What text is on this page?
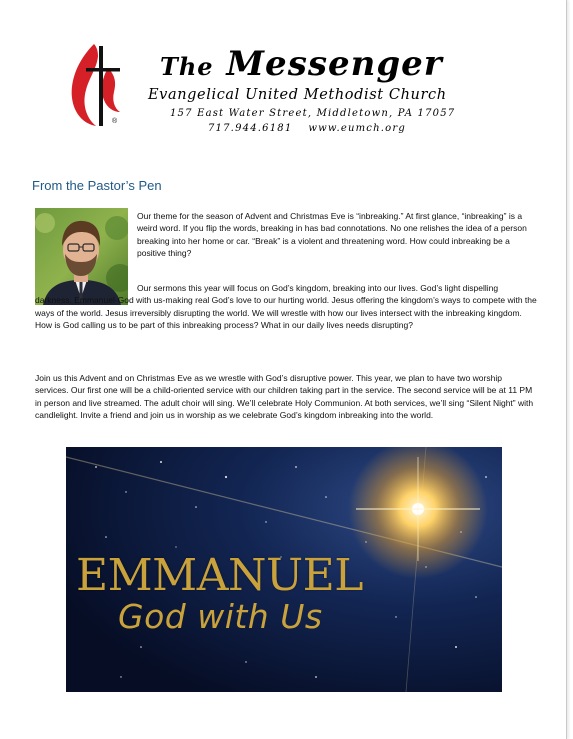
®
The Messenger
Evangelical United Methodist Church
157 East Water Street, Middletown, PA 17057
717.944.6181 www.eumch.org
From the Pastor’s Pen
Our theme for the season of Advent and Christmas Eve is “inbreaking.” At first glance, “inbreaking” is a weird word. If you flip the words, breaking in has bad connotations. No one relishes the idea of a person breaking into her home or car. “Break” is a violent and threatening word. How could inbreaking be a positive thing?
Our sermons this year will focus on God’s kingdom, breaking into our lives. God’s light dispelling darkness. Emmanuel-God with us-making real God’s love to our hurting world. Jesus offering the kingdom’s ways to compete with the ways of the world. Jesus irreversibly disrupting the world. We will wrestle with how our lives intersect with the inbreaking kingdom. How is God calling us to be part of this inbreaking process? What in our daily lives needs disrupting?
Join us this Advent and on Christmas Eve as we wrestle with God’s disruptive power. This year, we plan to have two worship services. Our first one will be a child-oriented service with our children taking part in the service. The second service will be at 11 PM in person and live streamed. The adult choir will sing. We’ll celebrate Holy Communion. At both services, we’ll sing “Silent Night” with candlelight. Invite a friend and join us in worship as we celebrate God’s kingdom inbreaking into the world.
EMMANUEL
God with Us
